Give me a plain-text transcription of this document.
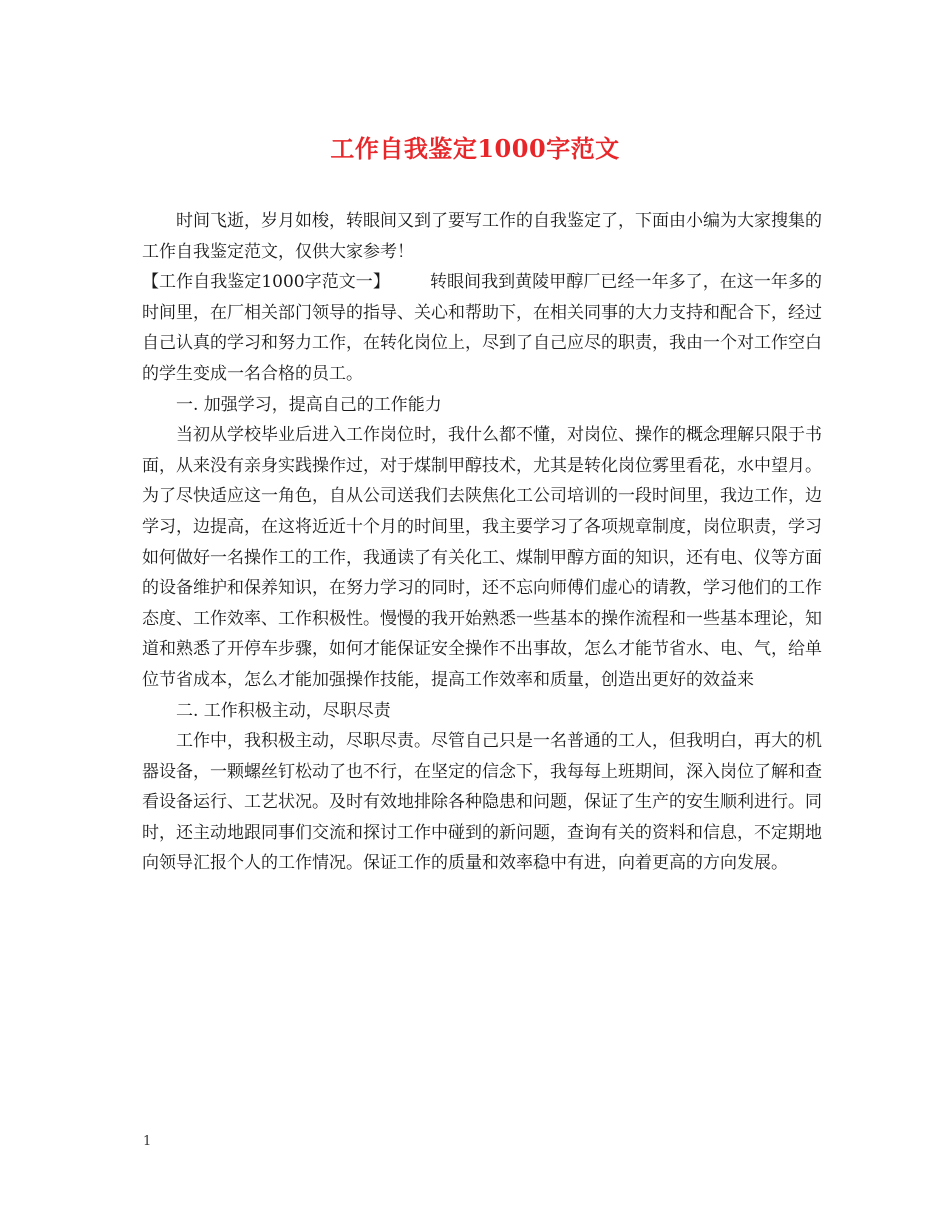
工作自我鉴定1000字范文

时间飞逝，岁月如梭，转眼间又到了要写工作的自我鉴定了，下面由小编为大家搜集的工作自我鉴定范文，仅供大家参考！

【工作自我鉴定1000字范文一】 转眼间我到黄陵甲醇厂已经一年多了，在这一年多的时间里，在厂相关部门领导的指导、关心和帮助下，在相关同事的大力支持和配合下，经过自己认真的学习和努力工作，在转化岗位上，尽到了自己应尽的职责，我由一个对工作空白的学生变成一名合格的员工。

一. 加强学习，提高自己的工作能力

当初从学校毕业后进入工作岗位时，我什么都不懂，对岗位、操作的概念理解只限于书面，从来没有亲身实践操作过，对于煤制甲醇技术，尤其是转化岗位雾里看花，水中望月。为了尽快适应这一角色，自从公司送我们去陕焦化工公司培训的一段时间里，我边工作，边学习，边提高，在这将近近十个月的时间里，我主要学习了各项规章制度，岗位职责，学习如何做好一名操作工的工作，我通读了有关化工、煤制甲醇方面的知识，还有电、仪等方面的设备维护和保养知识，在努力学习的同时，还不忘向师傅们虚心的请教，学习他们的工作态度、工作效率、工作积极性。慢慢的我开始熟悉一些基本的操作流程和一些基本理论，知道和熟悉了开停车步骤，如何才能保证安全操作不出事故，怎么才能节省水、电、气，给单位节省成本，怎么才能加强操作技能，提高工作效率和质量，创造出更好的效益来

二. 工作积极主动，尽职尽责

工作中，我积极主动，尽职尽责。尽管自己只是一名普通的工人，但我明白，再大的机器设备，一颗螺丝钉松动了也不行，在坚定的信念下，我每每上班期间，深入岗位了解和查看设备运行、工艺状况。及时有效地排除各种隐患和问题，保证了生产的安生顺利进行。同时，还主动地跟同事们交流和探讨工作中碰到的新问题，查询有关的资料和信息，不定期地向领导汇报个人的工作情况。保证工作的质量和效率稳中有进，向着更高的方向发展。

1
